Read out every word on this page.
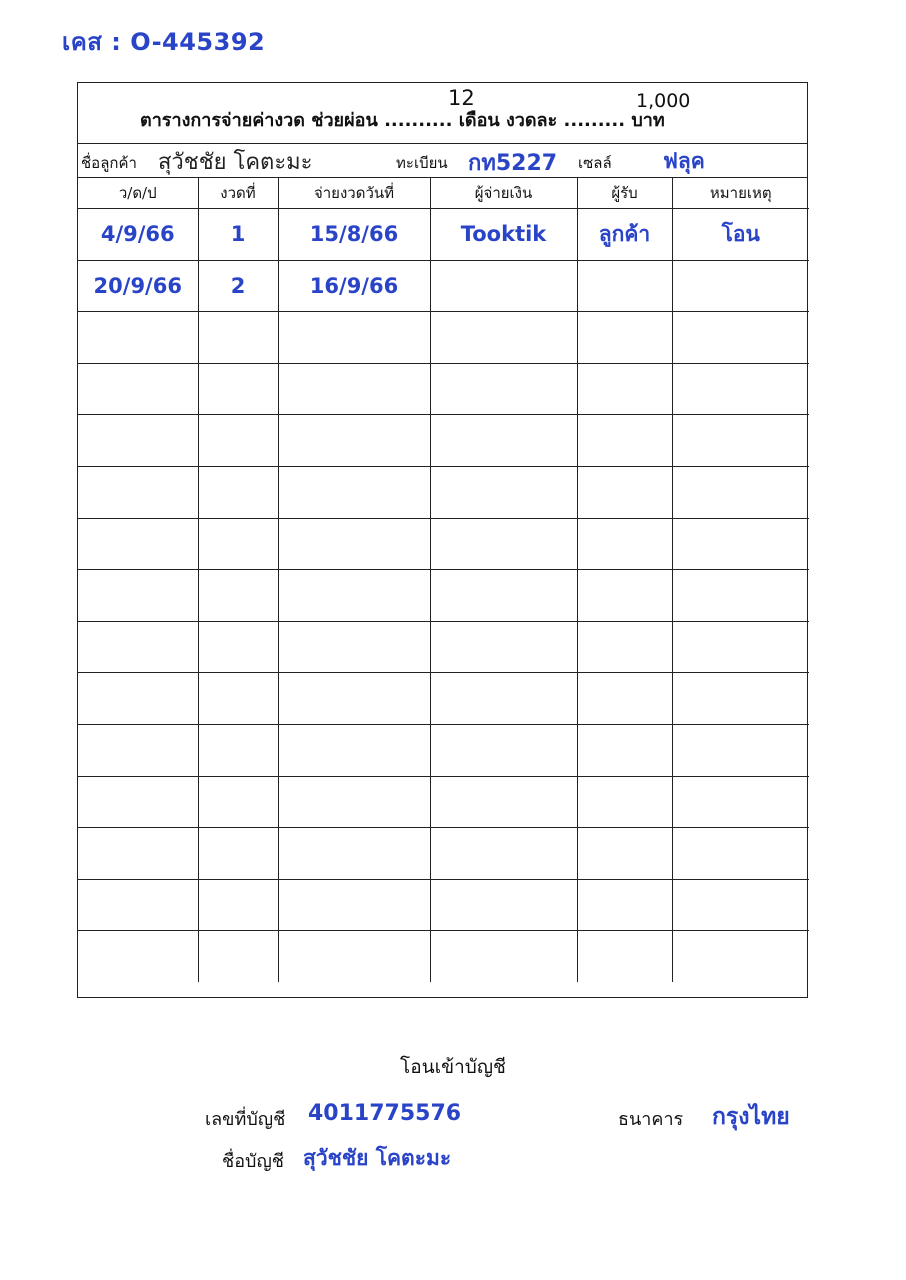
เคส : O-445392
ตารางการจ่ายค่างวด ช่วยผ่อน .......... เดือน งวดละ ......... บาท
12	1,000
ชื่อลูกค้า สุวัชชัย โคตะมะ	ทะเบียน กท5227 เซลล์ ฟลุค
ว/ด/ป	งวดที่	จ่ายงวดวันที่	ผู้จ่ายเงิน	ผู้รับ	หมายเหตุ
4/9/66	1	15/8/66	Tooktik	ลูกค้า	โอน
20/9/66	2	16/9/66			

โอนเข้าบัญชี
เลขที่บัญชี 4011775576	ธนาคาร กรุงไทย
ชื่อบัญชี สุวัชชัย โคตะมะ
